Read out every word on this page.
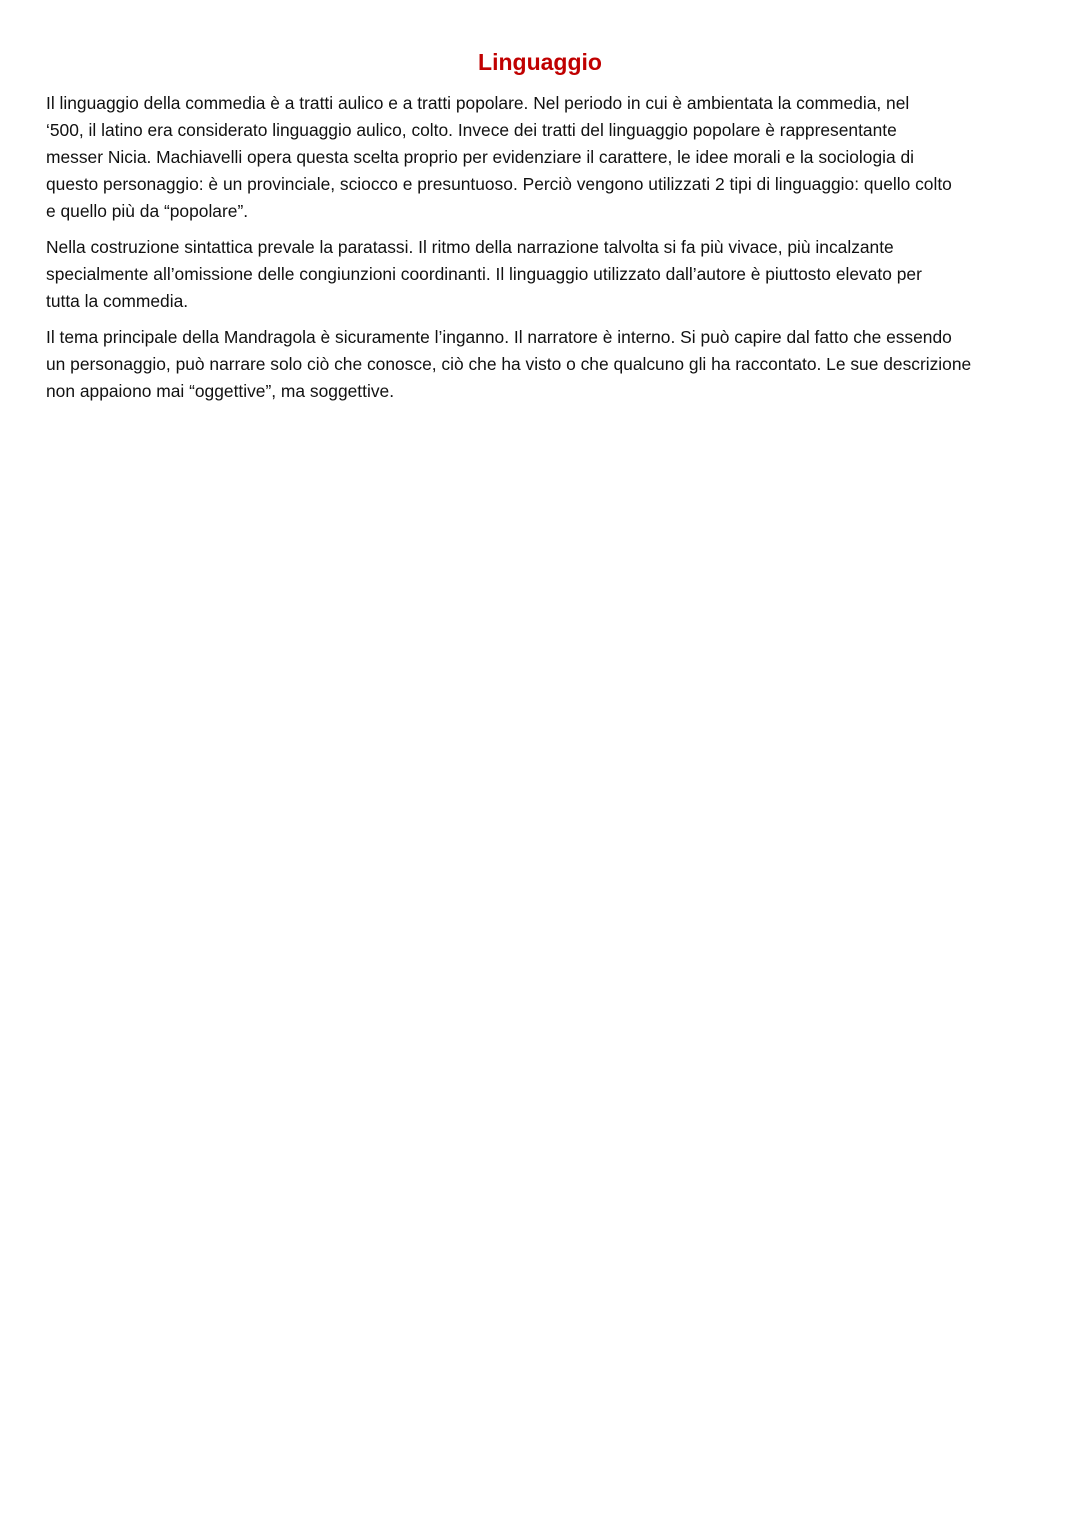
Linguaggio

Il linguaggio della commedia è a tratti aulico e a tratti popolare. Nel periodo in cui è ambientata la commedia, nel
‘500, il latino era considerato linguaggio aulico, colto. Invece dei tratti del linguaggio popolare è rappresentante
messer Nicia. Machiavelli opera questa scelta proprio per evidenziare il carattere, le idee morali e la sociologia di
questo personaggio: è un provinciale, sciocco e presuntuoso. Perciò vengono utilizzati 2 tipi di linguaggio: quello colto
e quello più da “popolare”.

Nella costruzione sintattica prevale la paratassi. Il ritmo della narrazione talvolta si fa più vivace, più incalzante
specialmente all’omissione delle congiunzioni coordinanti. Il linguaggio utilizzato dall’autore è piuttosto elevato per
tutta la commedia.

Il tema principale della Mandragola è sicuramente l’inganno. Il narratore è interno. Si può capire dal fatto che essendo
un personaggio, può narrare solo ciò che conosce, ciò che ha visto o che qualcuno gli ha raccontato. Le sue descrizione
non appaiono mai “oggettive”, ma soggettive.
